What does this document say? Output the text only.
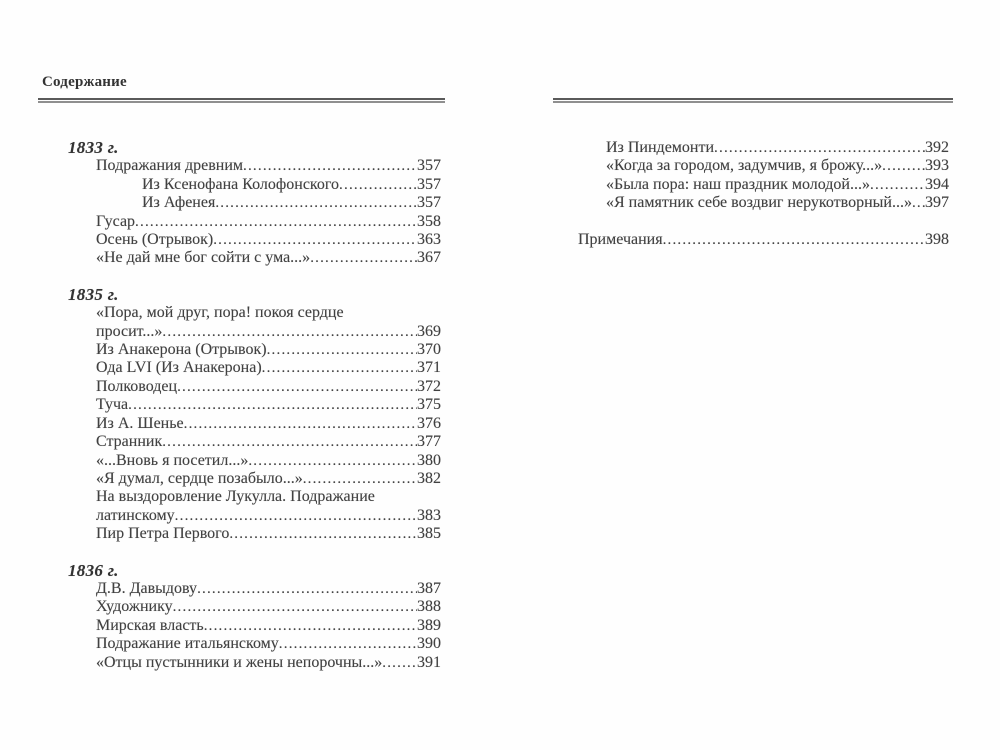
Содержание
1833 г.
Подражания древним .....	357
Из Ксенофана Колофонского .....	357
Из Афенея .....	357
Гусар .....	358
Осень (Отрывок) .....	363
«Не дай мне бог сойти с ума...» .....	367
1835 г.
«Пора, мой друг, пора! покоя сердце
просит...» .....	369
Из Анакерона (Отрывок) .....	370
Ода LVI (Из Анакерона) .....	371
Полководец .....	372
Туча .....	375
Из А. Шенье .....	376
Странник .....	377
«...Вновь я посетил...» .....	380
«Я думал, сердце позабыло...» .....	382
На выздоровление Лукулла. Подражание
латинскому .....	383
Пир Петра Первого .....	385
1836 г.
Д.В. Давыдову .....	387
Художнику .....	388
Мирская власть .....	389
Подражание итальянскому .....	390
«Отцы пустынники и жены непорочны...» ..... 391
Из Пиндемонти .....	392
«Когда за городом, задумчив, я брожу...» .....	393
«Была пора: наш праздник молодой...» .....	394
«Я памятник себе воздвиг нерукотворный...» ..... 397
Примечания .....	398
